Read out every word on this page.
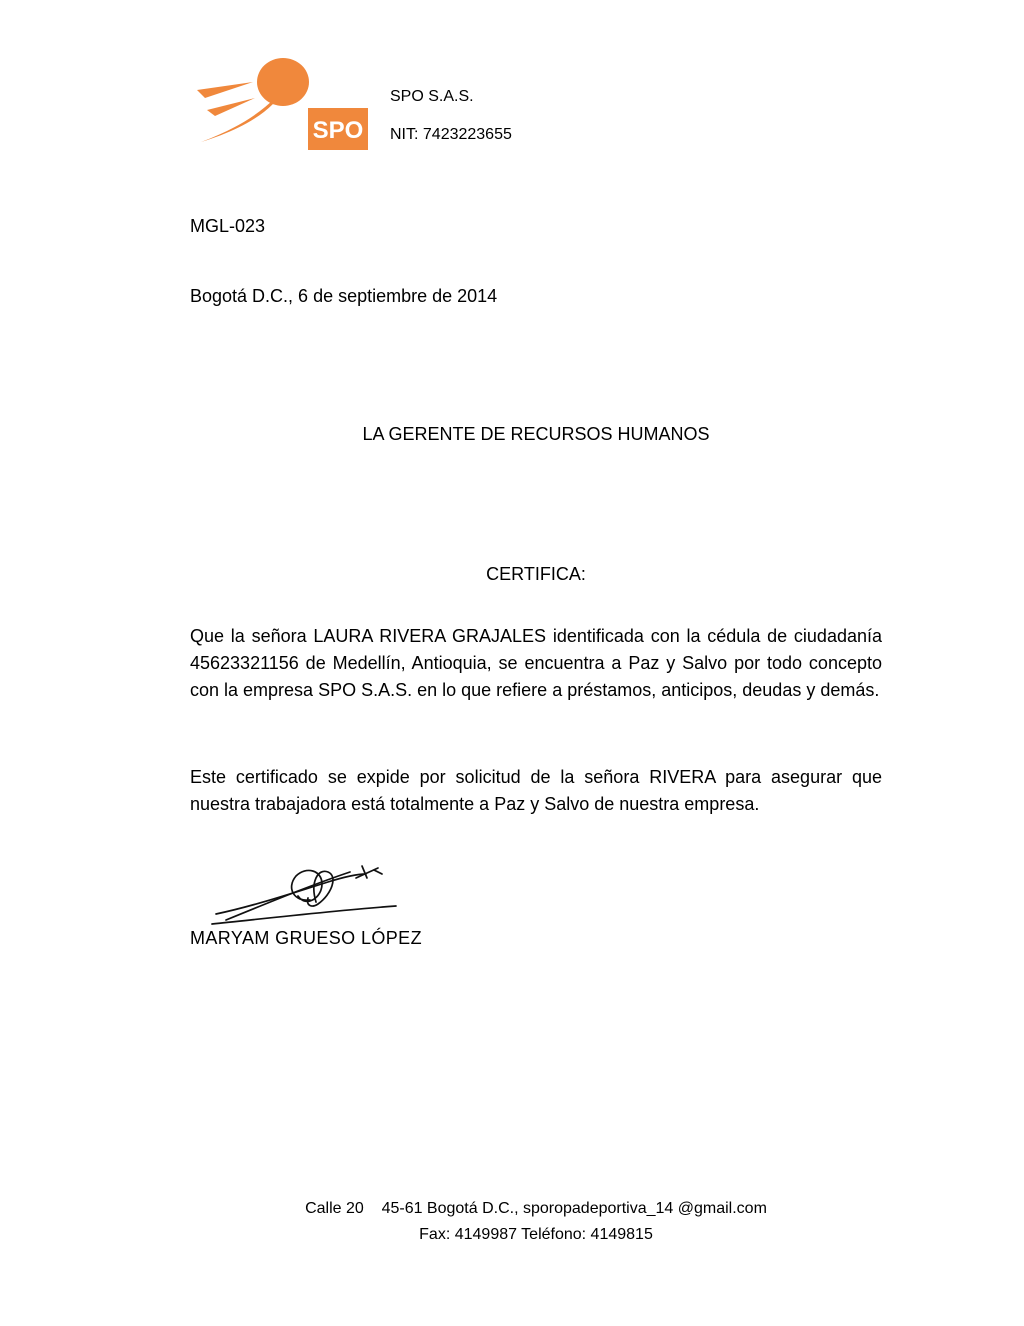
SPO
SPO S.A.S.
NIT: 7423223655
MGL-023
Bogotá D.C., 6 de septiembre de 2014
LA GERENTE DE RECURSOS HUMANOS
CERTIFICA:

Que la señora LAURA RIVERA GRAJALES identificada con la cédula de ciudadanía 45623321156 de Medellín, Antioquia, se encuentra a Paz y Salvo por todo concepto con la empresa SPO S.A.S. en lo que refiere a préstamos, anticipos, deudas y demás.

Este certificado se expide por solicitud de la señora RIVERA para asegurar que nuestra trabajadora está totalmente a Paz y Salvo de nuestra empresa.

MARYAM GRUESO LÓPEZ
Calle 20    45-61 Bogotá D.C., sporopadeportiva_14 @gmail.com
Fax: 4149987 Teléfono: 4149815
